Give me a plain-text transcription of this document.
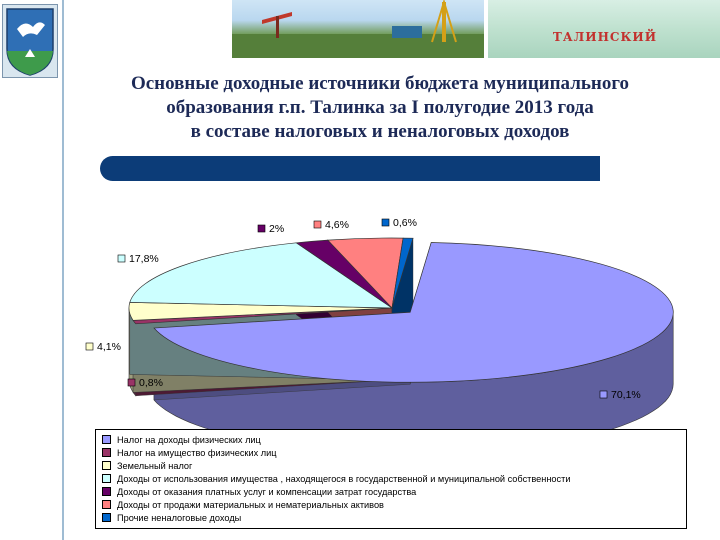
ТАЛИНСКИЙ
Основные доходные источники бюджета муниципального
образования г.п. Талинка за I полугодие 2013 года
в составе налоговых и неналоговых доходов
70,1%
0,8%
4,1%
17,8%
2%	4,6%	0,6%
Налог на доходы физических лиц
Налог на имущество физических лиц
Земельный налог
Доходы от использования имущества , находящегося в государственной и муниципальной собственности
Доходы от оказания платных услуг и компенсации затрат государства
Доходы от продажи материальных и нематериальных активов
Прочие неналоговые доходы
